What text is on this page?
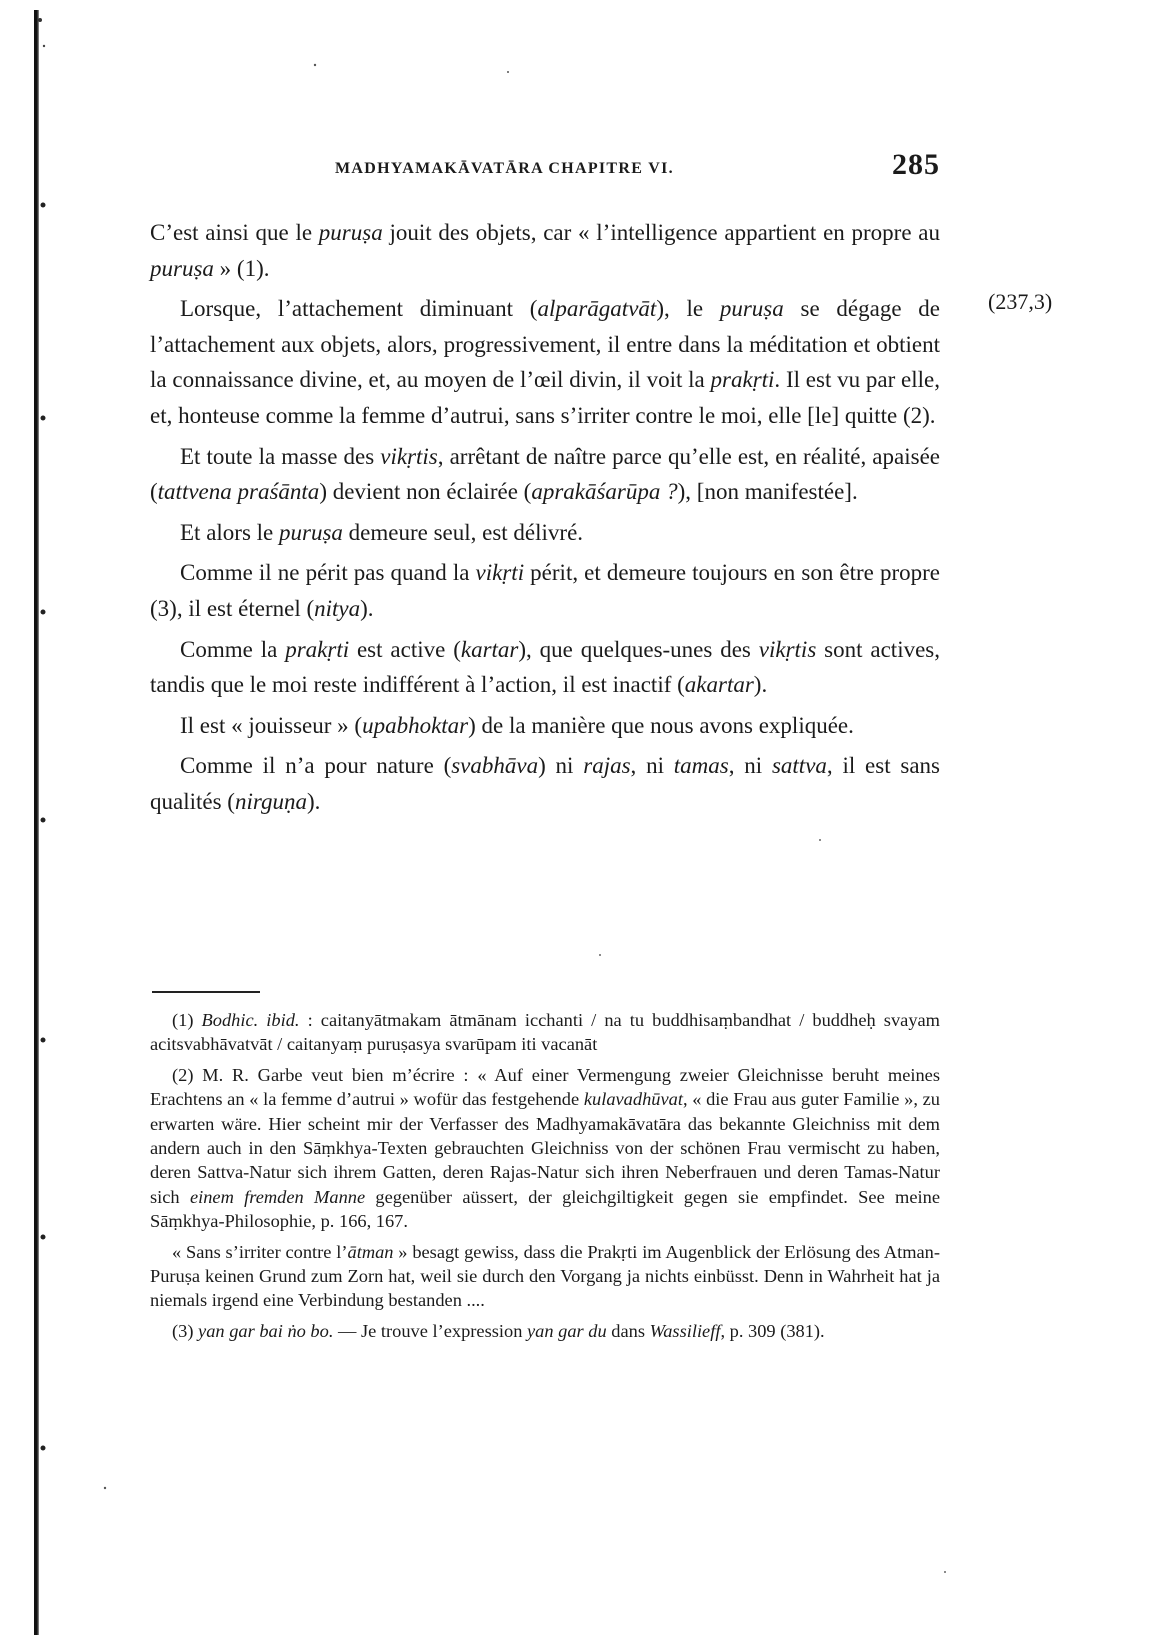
MADHYAMAKĀVATĀRA CHAPITRE VI.	285
(237,3)

C’est ainsi que le puruṣa jouit des objets, car « l’intelligence appartient en propre au puruṣa » (1).

Lorsque, l’attachement diminuant (alparāgatvāt), le puruṣa se dégage de l’attachement aux objets, alors, progressivement, il entre dans la méditation et obtient la connaissance divine, et, au moyen de l’œil divin, il voit la prakṛti. Il est vu par elle, et, honteuse comme la femme d’autrui, sans s’irriter contre le moi, elle [le] quitte (2).

Et toute la masse des vikṛtis, arrêtant de naître parce qu’elle est, en réalité, apaisée (tattvena praśānta) devient non éclairée (aprakāśarūpa ?), [non manifestée].

Et alors le puruṣa demeure seul, est délivré.

Comme il ne périt pas quand la vikṛti périt, et demeure toujours en son être propre (3), il est éternel (nitya).

Comme la prakṛti est active (kartar), que quelques-unes des vikṛtis sont actives, tandis que le moi reste indifférent à l’action, il est inactif (akartar).

Il est « jouisseur » (upabhoktar) de la manière que nous avons expliquée.

Comme il n’a pour nature (svabhāva) ni rajas, ni tamas, ni sattva, il est sans qualités (nirguṇa).

(1) Bodhic. ibid. : caitanyātmakam ātmānam icchanti / na tu buddhisaṃbandhat / buddheḥ svayam acitsvabhāvatvāt / caitanyaṃ puruṣasya svarūpam iti vacanāt

(2) M. R. Garbe veut bien m’écrire : « Auf einer Vermengung zweier Gleichnisse beruht meines Erachtens an « la femme d’autrui » wofür das festgehende kulavadhūvat, « die Frau aus guter Familie », zu erwarten wäre. Hier scheint mir der Verfasser des Madhyamakāvatāra das bekannte Gleichniss mit dem andern auch in den Sāṃkhya-Texten gebrauchten Gleichniss von der schönen Frau vermischt zu haben, deren Sattva-Natur sich ihrem Gatten, deren Rajas-Natur sich ihren Neberfrauen und deren Tamas-Natur sich einem fremden Manne gegenüber aüssert, der gleichgiltigkeit gegen sie empfindet. See meine Sāṃkhya-Philosophie, p. 166, 167.

« Sans s’irriter contre l’ātman » besagt gewiss, dass die Prakṛti im Augenblick der Erlösung des Atman-Puruṣa keinen Grund zum Zorn hat, weil sie durch den Vorgang ja nichts einbüsst. Denn in Wahrheit hat ja niemals irgend eine Verbindung bestanden ....

(3) yan gar bai ṅo bo. — Je trouve l’expression yan gar du dans Wassilieff, p. 309 (381).
